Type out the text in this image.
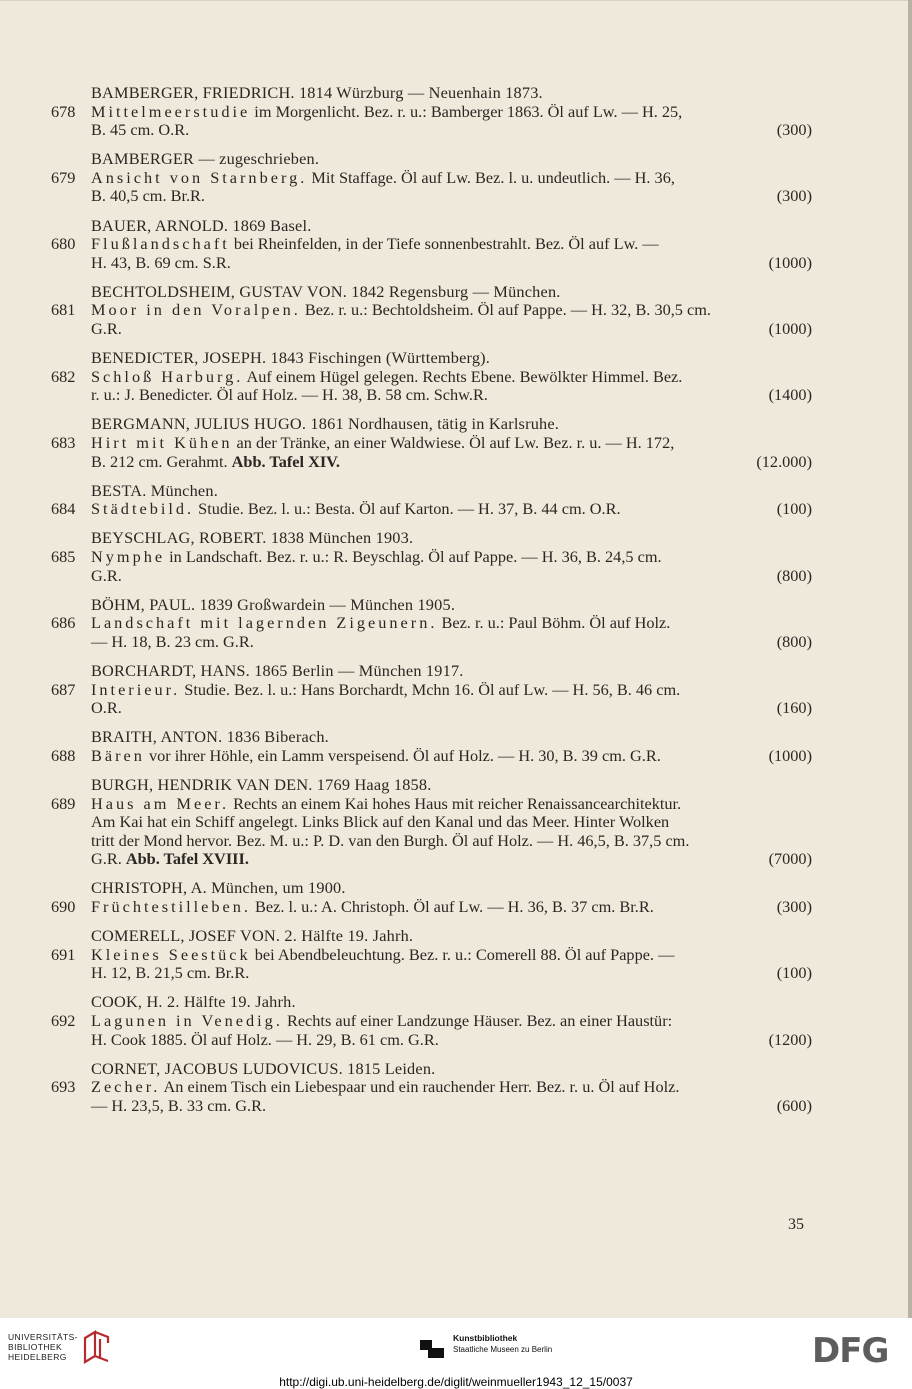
BAMBERGER, FRIEDRICH. 1814 Würzburg — Neuenhain 1873.
678 Mittelmeerstudie im Morgenlicht. Bez. r. u.: Bamberger 1863. Öl auf Lw. — H. 25,
B. 45 cm. O.R.	(300)
BAMBERGER — zugeschrieben.
679 Ansicht von Starnberg. Mit Staffage. Öl auf Lw. Bez. l. u. undeutlich. — H. 36,
B. 40,5 cm. Br.R.	(300)
BAUER, ARNOLD. 1869 Basel.
680 Flußlandschaft bei Rheinfelden, in der Tiefe sonnenbestrahlt. Bez. Öl auf Lw. —
H. 43, B. 69 cm. S.R.	(1000)
BECHTOLDSHEIM, GUSTAV VON. 1842 Regensburg — München.
681 Moor in den Voralpen. Bez. r. u.: Bechtoldsheim. Öl auf Pappe. — H. 32, B. 30,5 cm.
G.R.	(1000)
BENEDICTER, JOSEPH. 1843 Fischingen (Württemberg).
682 Schloß Harburg. Auf einem Hügel gelegen. Rechts Ebene. Bewölkter Himmel. Bez.
r. u.: J. Benedicter. Öl auf Holz. — H. 38, B. 58 cm. Schw.R.	(1400)
BERGMANN, JULIUS HUGO. 1861 Nordhausen, tätig in Karlsruhe.
683 Hirt mit Kühen an der Tränke, an einer Waldwiese. Öl auf Lw. Bez. r. u. — H. 172,
B. 212 cm. Gerahmt. Abb. Tafel XIV.	(12.000)
BESTA. München.
684 Städtebild. Studie. Bez. l. u.: Besta. Öl auf Karton. — H. 37, B. 44 cm. O.R.	(100)
BEYSCHLAG, ROBERT. 1838 München 1903.
685 Nymphe in Landschaft. Bez. r. u.: R. Beyschlag. Öl auf Pappe. — H. 36, B. 24,5 cm.
G.R.	(800)
BÖHM, PAUL. 1839 Großwardein — München 1905.
686 Landschaft mit lagernden Zigeunern. Bez. r. u.: Paul Böhm. Öl auf Holz.
— H. 18, B. 23 cm. G.R.	(800)
BORCHARDT, HANS. 1865 Berlin — München 1917.
687 Interieur. Studie. Bez. l. u.: Hans Borchardt, Mchn 16. Öl auf Lw. — H. 56, B. 46 cm.
O.R.	(160)
BRAITH, ANTON. 1836 Biberach.
688 Bären vor ihrer Höhle, ein Lamm verspeisend. Öl auf Holz. — H. 30, B. 39 cm. G.R.	(1000)
BURGH, HENDRIK VAN DEN. 1769 Haag 1858.
689 Haus am Meer. Rechts an einem Kai hohes Haus mit reicher Renaissancearchitektur.
Am Kai hat ein Schiff angelegt. Links Blick auf den Kanal und das Meer. Hinter Wolken
tritt der Mond hervor. Bez. M. u.: P. D. van den Burgh. Öl auf Holz. — H. 46,5, B. 37,5 cm.
G.R. Abb. Tafel XVIII.	(7000)
CHRISTOPH, A. München, um 1900.
690 Früchtestilleben. Bez. l. u.: A. Christoph. Öl auf Lw. — H. 36, B. 37 cm. Br.R.	(300)
COMERELL, JOSEF VON. 2. Hälfte 19. Jahrh.
691 Kleines Seestück bei Abendbeleuchtung. Bez. r. u.: Comerell 88. Öl auf Pappe. —
H. 12, B. 21,5 cm. Br.R.	(100)
COOK, H. 2. Hälfte 19. Jahrh.
692 Lagunen in Venedig. Rechts auf einer Landzunge Häuser. Bez. an einer Haustür:
H. Cook 1885. Öl auf Holz. — H. 29, B. 61 cm. G.R.	(1200)
CORNET, JACOBUS LUDOVICUS. 1815 Leiden.
693 Zecher. An einem Tisch ein Liebespaar und ein rauchender Herr. Bez. r. u. Öl auf Holz.
— H. 23,5, B. 33 cm. G.R.	(600)
35
UNIVERSITÄTS-
BIBLIOTHEK
HEIDELBERG
Kunstbibliothek
Staatliche Museen zu Berlin	DFG
http://digi.ub.uni-heidelberg.de/diglit/weinmueller1943_12_15/0037
